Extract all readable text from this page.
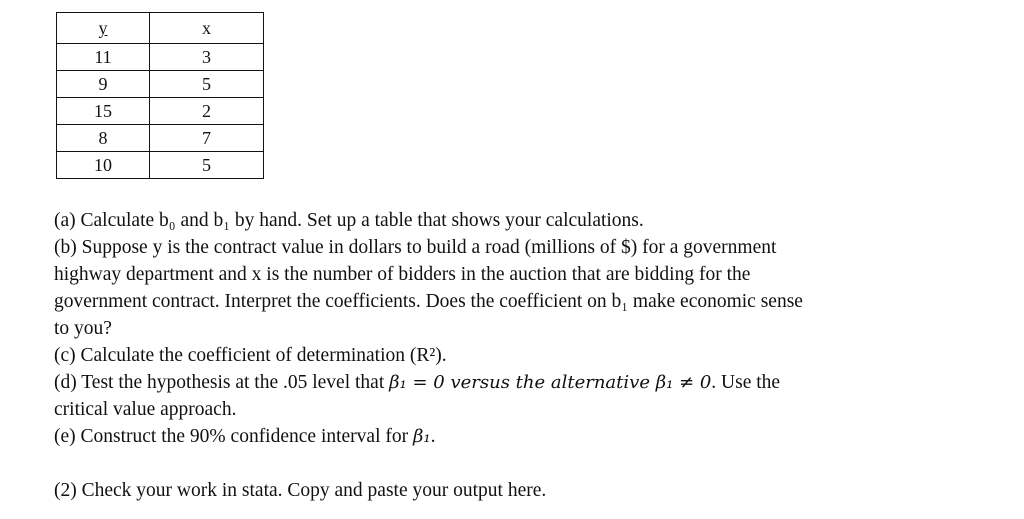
y	x
11	3
9	5
15	2
8	7
10	5

(a) Calculate b₀ and b₁ by hand. Set up a table that shows your calculations.

(b) Suppose y is the contract value in dollars to build a road (millions of $) for a government

highway department and x is the number of bidders in the auction that are bidding for the

government contract. Interpret the coefficients. Does the coefficient on b₁ make economic sense

to you?

(c) Calculate the coefficient of determination (R²).

(d) Test the hypothesis at the .05 level that β₁ = 0 versus the alternative β₁ ≠ 0. Use the

critical value approach.

(e) Construct the 90% confidence interval for β₁.

(2) Check your work in stata. Copy and paste your output here.
